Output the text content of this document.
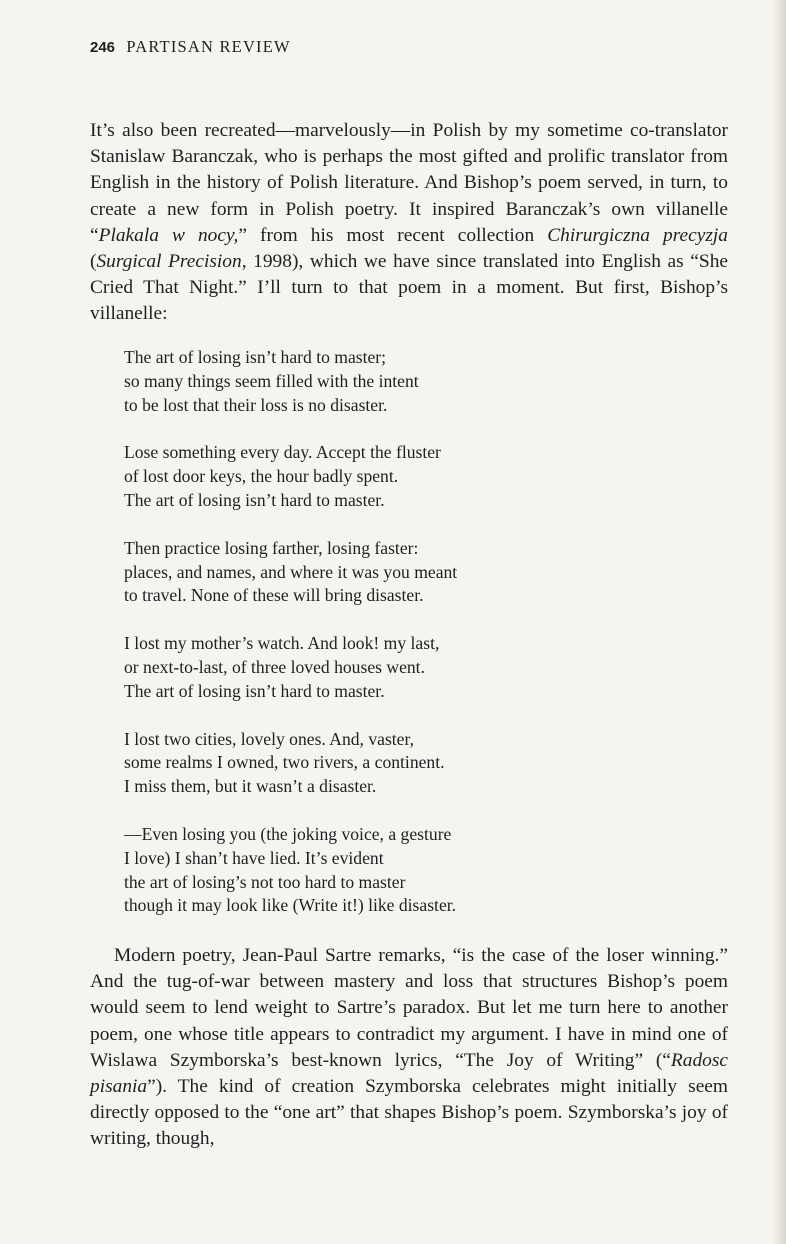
246 PARTISAN REVIEW

It’s also been recreated—marvelously—in Polish by my sometime co-translator Stanislaw Baranczak, who is perhaps the most gifted and prolific translator from English in the history of Polish literature. And Bishop’s poem served, in turn, to create a new form in Polish poetry. It inspired Baranczak’s own villanelle “Plakala w nocy,” from his most recent collection Chirurgiczna precyzja (Surgical Precision, 1998), which we have since translated into English as “She Cried That Night.” I’ll turn to that poem in a moment. But first, Bishop’s villanelle:

The art of losing isn’t hard to master;
so many things seem filled with the intent
to be lost that their loss is no disaster.
Lose something every day. Accept the fluster
of lost door keys, the hour badly spent.
The art of losing isn’t hard to master.
Then practice losing farther, losing faster:
places, and names, and where it was you meant
to travel. None of these will bring disaster.
I lost my mother’s watch. And look! my last,
or next-to-last, of three loved houses went.
The art of losing isn’t hard to master.
I lost two cities, lovely ones. And, vaster,
some realms I owned, two rivers, a continent.
I miss them, but it wasn’t a disaster.
—Even losing you (the joking voice, a gesture
I love) I shan’t have lied. It’s evident
the art of losing’s not too hard to master
though it may look like (Write it!) like disaster.

Modern poetry, Jean-Paul Sartre remarks, “is the case of the loser winning.” And the tug-of-war between mastery and loss that structures Bishop’s poem would seem to lend weight to Sartre’s paradox. But let me turn here to another poem, one whose title appears to contradict my argument. I have in mind one of Wislawa Szymborska’s best-known lyrics, “The Joy of Writing” (“Radosc pisania”). The kind of creation Szymborska celebrates might initially seem directly opposed to the “one art” that shapes Bishop’s poem. Szymborska’s joy of writing, though,
